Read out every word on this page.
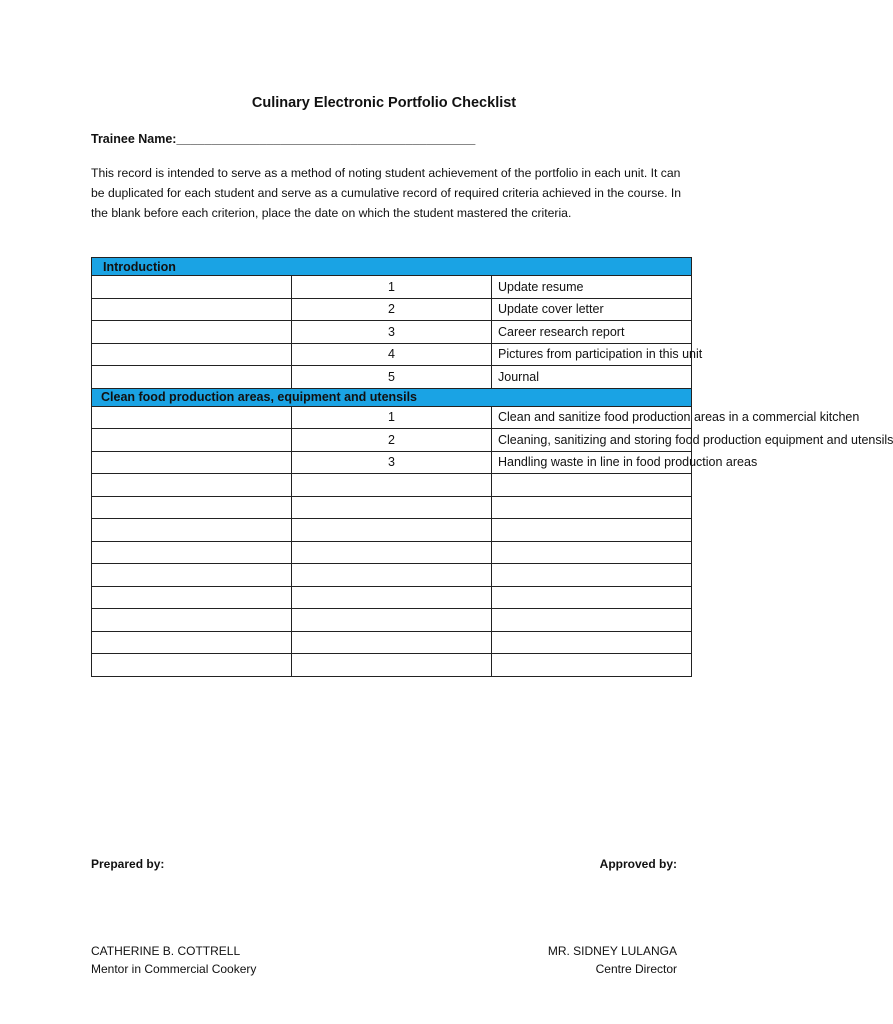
Culinary Electronic Portfolio Checklist
Trainee Name:___________________________________________
This record is intended to serve as a method of noting student achievement of the portfolio in each unit. It can be duplicated for each student and serve as a cumulative record of required criteria achieved in the course. In the blank before each criterion, place the date on which the student mastered the criteria.
Introduction		
	1	Update resume
	2	Update cover letter
	3	Career research report
	4	Pictures from participation in this unit
	5	Journal
Clean food production areas, equipment and utensils		
	1	Clean and sanitize food production areas in a commercial kitchen
	2	Cleaning, sanitizing and storing food production equipment and utensils
	3	Handling waste in line in food production areas

Prepared by:	Approved by:
CATHERINE B. COTTRELL
Mentor in Commercial Cookery
MR. SIDNEY LULANGA
Centre Director
